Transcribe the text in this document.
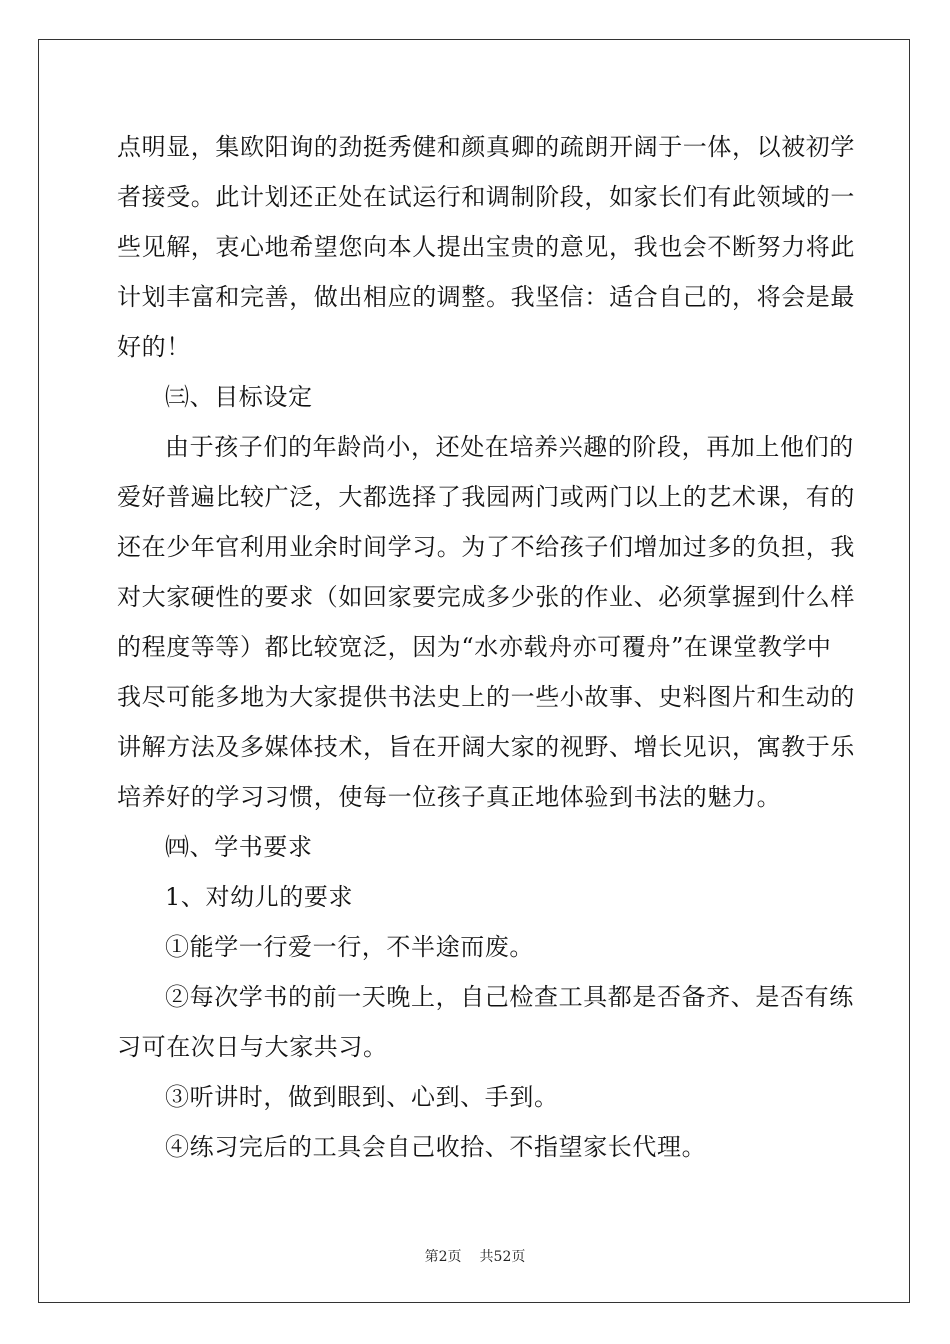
点明显，集欧阳询的劲挺秀健和颜真卿的疏朗开阔于一体，以被初学
者接受。此计划还正处在试运行和调制阶段，如家长们有此领域的一
些见解，衷心地希望您向本人提出宝贵的意见，我也会不断努力将此
计划丰富和完善，做出相应的调整。我坚信：适合自己的，将会是最
好的！
㈢、目标设定
由于孩子们的年龄尚小，还处在培养兴趣的阶段，再加上他们的
爱好普遍比较广泛，大都选择了我园两门或两门以上的艺术课，有的
还在少年官利用业余时间学习。为了不给孩子们增加过多的负担，我
对大家硬性的要求（如回家要完成多少张的作业、必须掌握到什么样
的程度等等）都比较宽泛，因为“水亦载舟亦可覆舟”在课堂教学中
我尽可能多地为大家提供书法史上的一些小故事、史料图片和生动的
讲解方法及多媒体技术，旨在开阔大家的视野、增长见识，寓教于乐
培养好的学习习惯，使每一位孩子真正地体验到书法的魅力。
㈣、学书要求
1、对幼儿的要求
①能学一行爱一行，不半途而废。
②每次学书的前一天晚上，自己检查工具都是否备齐、是否有练
习可在次日与大家共习。
③听讲时，做到眼到、心到、手到。
④练习完后的工具会自己收拾、不指望家长代理。
第2页 共52页
